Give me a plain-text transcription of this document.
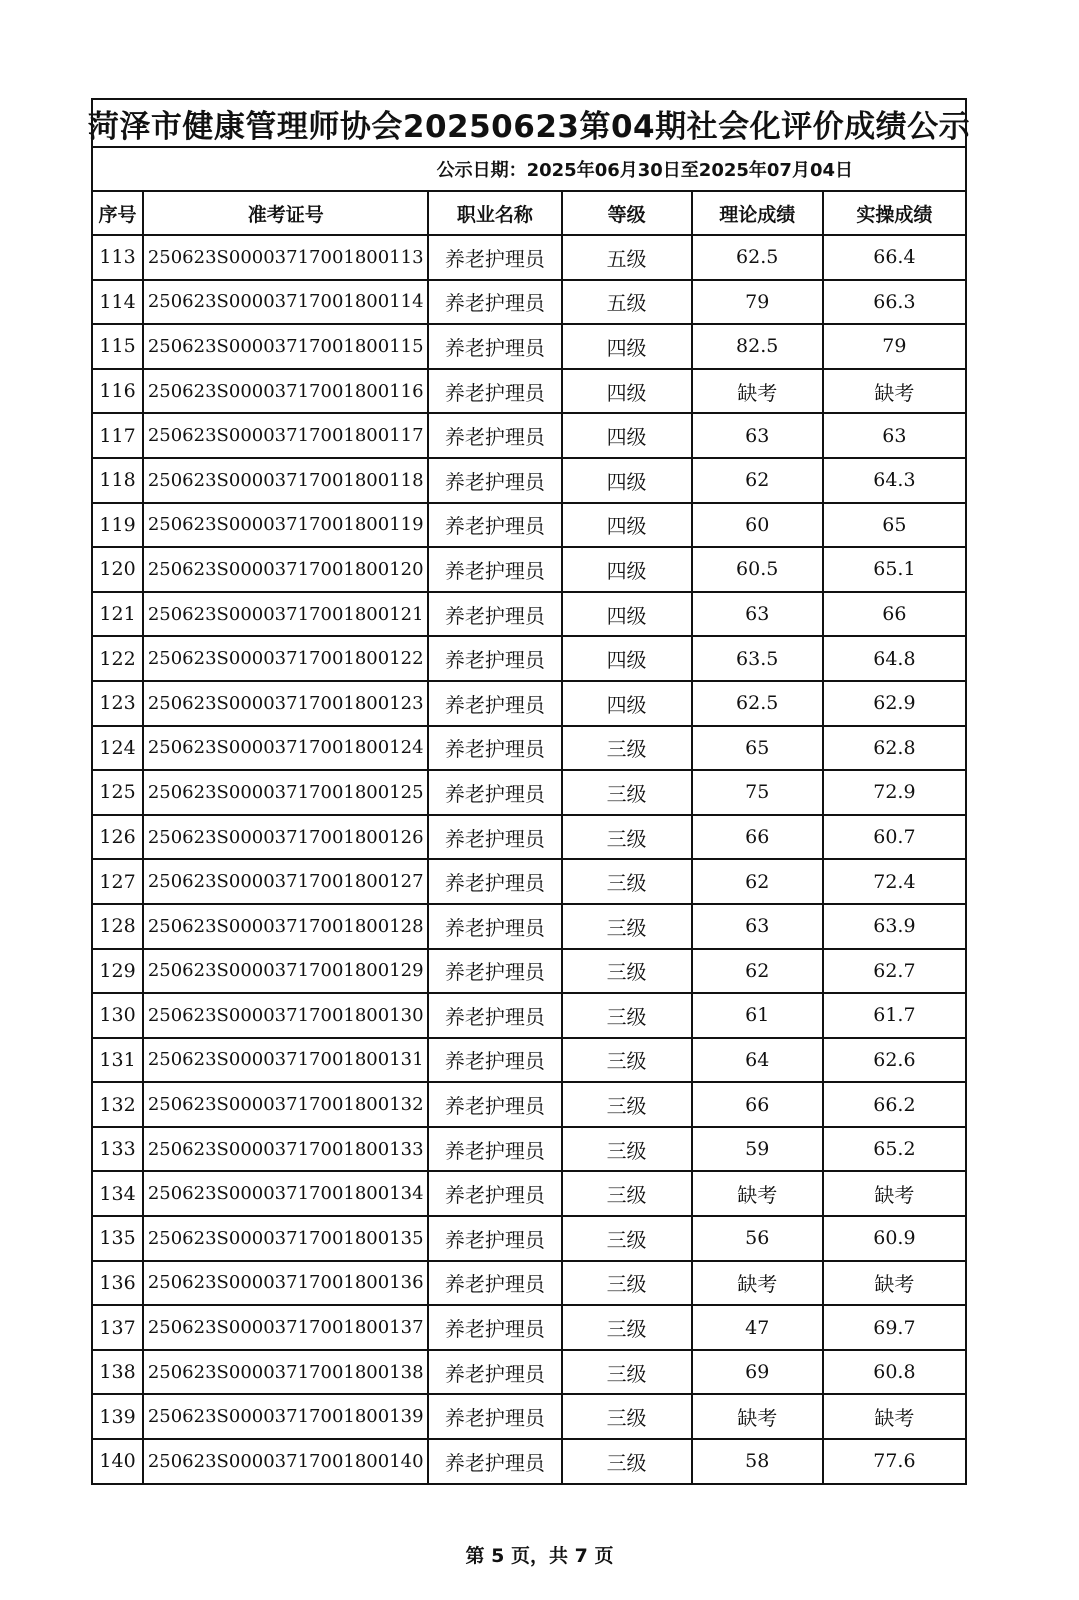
菏泽市健康管理师协会20250623第04期社会化评价成绩公示
公示日期：2025年06月30日至2025年07月04日
序号	准考证号	职业名称	等级	理论成绩	实操成绩
113	250623S00003717001800113	养老护理员	五级	62.5	66.4
114	250623S00003717001800114	养老护理员	五级	79	66.3
115	250623S00003717001800115	养老护理员	四级	82.5	79
116	250623S00003717001800116	养老护理员	四级	缺考	缺考
117	250623S00003717001800117	养老护理员	四级	63	63
118	250623S00003717001800118	养老护理员	四级	62	64.3
119	250623S00003717001800119	养老护理员	四级	60	65
120	250623S00003717001800120	养老护理员	四级	60.5	65.1
121	250623S00003717001800121	养老护理员	四级	63	66
122	250623S00003717001800122	养老护理员	四级	63.5	64.8
123	250623S00003717001800123	养老护理员	四级	62.5	62.9
124	250623S00003717001800124	养老护理员	三级	65	62.8
125	250623S00003717001800125	养老护理员	三级	75	72.9
126	250623S00003717001800126	养老护理员	三级	66	60.7
127	250623S00003717001800127	养老护理员	三级	62	72.4
128	250623S00003717001800128	养老护理员	三级	63	63.9
129	250623S00003717001800129	养老护理员	三级	62	62.7
130	250623S00003717001800130	养老护理员	三级	61	61.7
131	250623S00003717001800131	养老护理员	三级	64	62.6
132	250623S00003717001800132	养老护理员	三级	66	66.2
133	250623S00003717001800133	养老护理员	三级	59	65.2
134	250623S00003717001800134	养老护理员	三级	缺考	缺考
135	250623S00003717001800135	养老护理员	三级	56	60.9
136	250623S00003717001800136	养老护理员	三级	缺考	缺考
137	250623S00003717001800137	养老护理员	三级	47	69.7
138	250623S00003717001800138	养老护理员	三级	69	60.8
139	250623S00003717001800139	养老护理员	三级	缺考	缺考
140	250623S00003717001800140	养老护理员	三级	58	77.6
第 5 页，共 7 页
